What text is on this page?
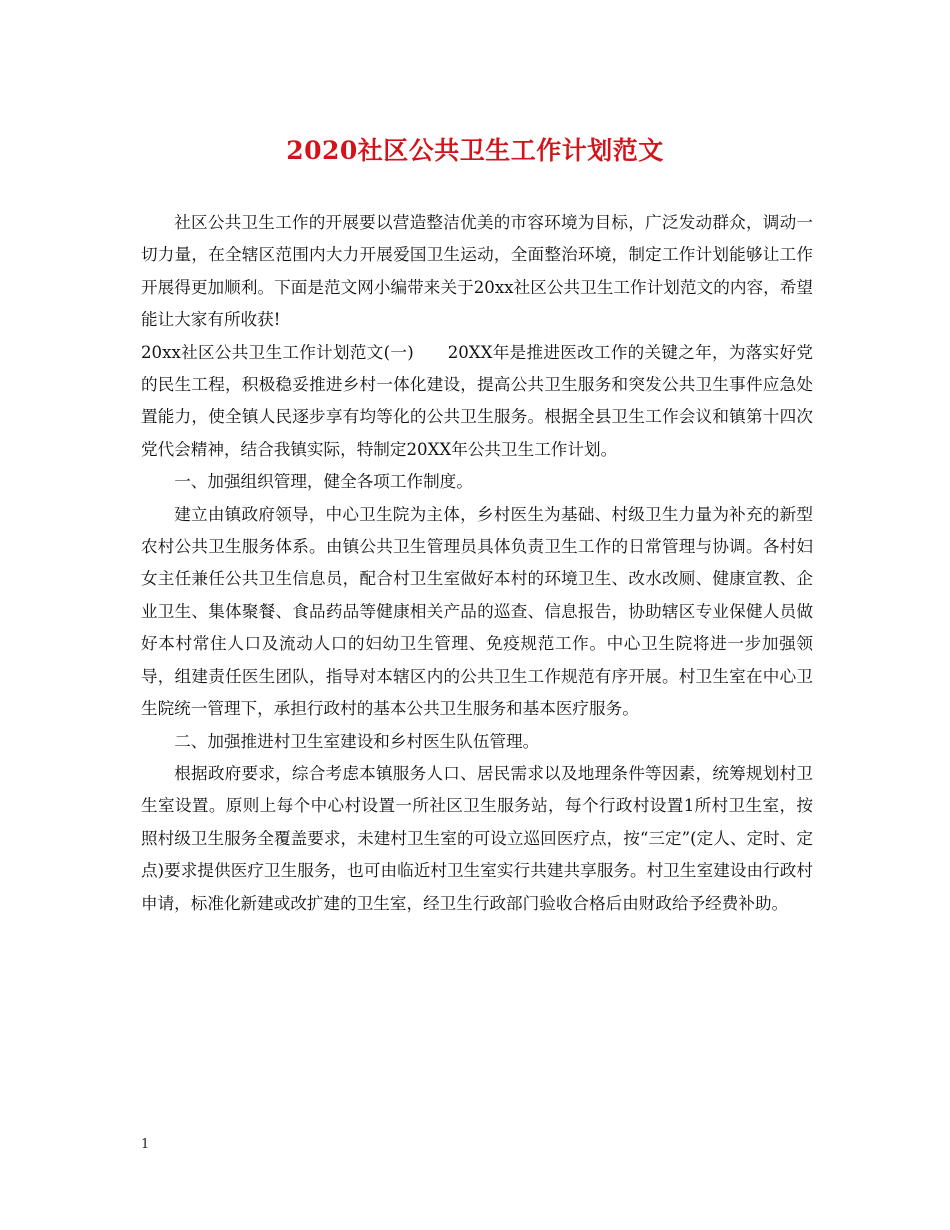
2020社区公共卫生工作计划范文

社区公共卫生工作的开展要以营造整洁优美的市容环境为目标，广泛发动群众，调动一切力量，在全辖区范围内大力开展爱国卫生运动，全面整治环境，制定工作计划能够让工作开展得更加顺利。下面是范文网小编带来关于20xx社区公共卫生工作计划范文的内容，希望能让大家有所收获!

20xx社区公共卫生工作计划范文(一) 20XX年是推进医改工作的关键之年，为落实好党的民生工程，积极稳妥推进乡村一体化建设，提高公共卫生服务和突发公共卫生事件应急处置能力，使全镇人民逐步享有均等化的公共卫生服务。根据全县卫生工作会议和镇第十四次党代会精神，结合我镇实际，特制定20XX年公共卫生工作计划。

一、加强组织管理，健全各项工作制度。

建立由镇政府领导，中心卫生院为主体，乡村医生为基础、村级卫生力量为补充的新型农村公共卫生服务体系。由镇公共卫生管理员具体负责卫生工作的日常管理与协调。各村妇女主任兼任公共卫生信息员，配合村卫生室做好本村的环境卫生、改水改厕、健康宣教、企业卫生、集体聚餐、食品药品等健康相关产品的巡查、信息报告，协助辖区专业保健人员做好本村常住人口及流动人口的妇幼卫生管理、免疫规范工作。中心卫生院将进一步加强领导，组建责任医生团队，指导对本辖区内的公共卫生工作规范有序开展。村卫生室在中心卫生院统一管理下，承担行政村的基本公共卫生服务和基本医疗服务。

二、加强推进村卫生室建设和乡村医生队伍管理。

根据政府要求，综合考虑本镇服务人口、居民需求以及地理条件等因素，统筹规划村卫生室设置。原则上每个中心村设置一所社区卫生服务站，每个行政村设置1所村卫生室，按照村级卫生服务全覆盖要求，未建村卫生室的可设立巡回医疗点，按“三定”(定人、定时、定点)要求提供医疗卫生服务，也可由临近村卫生室实行共建共享服务。村卫生室建设由行政村申请，标准化新建或改扩建的卫生室，经卫生行政部门验收合格后由财政给予经费补助。

1
